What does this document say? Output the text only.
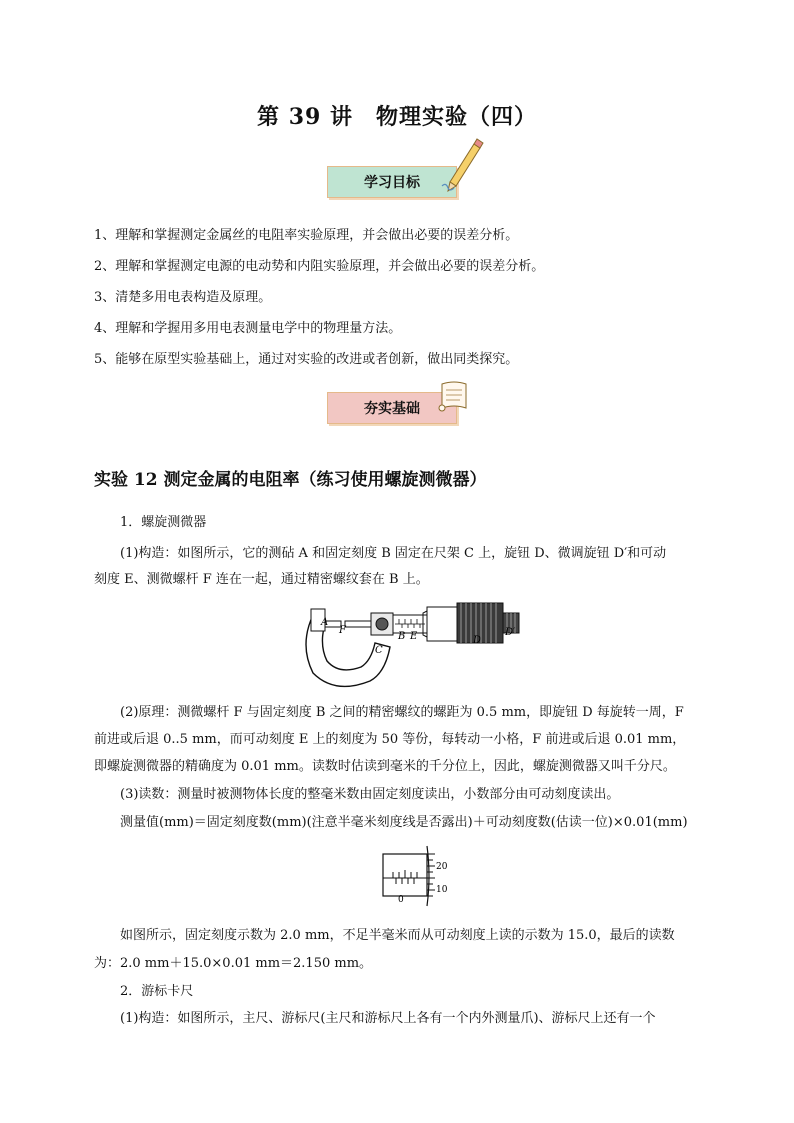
第 39 讲　物理实验（四）
学习目标
1、理解和掌握测定金属丝的电阻率实验原理，并会做出必要的误差分析。
2、理解和掌握测定电源的电动势和内阻实验原理，并会做出必要的误差分析。
3、清楚多用电表构造及原理。
4、理解和学握用多用电表测量电学中的物理量方法。
5、能够在原型实验基础上，通过对实验的改进或者创新，做出同类探究。
夯实基础
实验 12 测定金属的电阻率（练习使用螺旋测微器）
1．螺旋测微器
(1)构造：如图所示，它的测砧 A 和固定刻度 B 固定在尺架 C 上，旋钮 D、微调旋钮 D′和可动
刻度 E、测微螺杆 F 连在一起，通过精密螺纹套在 B 上。
A
F
B E
C
D
D′
(2)原理：测微螺杆 F 与固定刻度 B 之间的精密螺纹的螺距为 0.5 mm，即旋钮 D 每旋转一周，F
前进或后退 0..5 mm，而可动刻度 E 上的刻度为 50 等份，每转动一小格，F 前进或后退 0.01 mm，
即螺旋测微器的精确度为 0.01 mm。读数时估读到毫米的千分位上，因此，螺旋测微器又叫千分尺。
(3)读数：测量时被测物体长度的整毫米数由固定刻度读出，小数部分由可动刻度读出。
测量值(mm)＝固定刻度数(mm)(注意半毫米刻度线是否露出)＋可动刻度数(估读一位)×0.01(mm)
20
10
0
如图所示，固定刻度示数为 2.0 mm，不足半毫米而从可动刻度上读的示数为 15.0，最后的读数
为：2.0 mm＋15.0×0.01 mm＝2.150 mm。
2．游标卡尺
(1)构造：如图所示，主尺、游标尺(主尺和游标尺上各有一个内外测量爪)、游标尺上还有一个
